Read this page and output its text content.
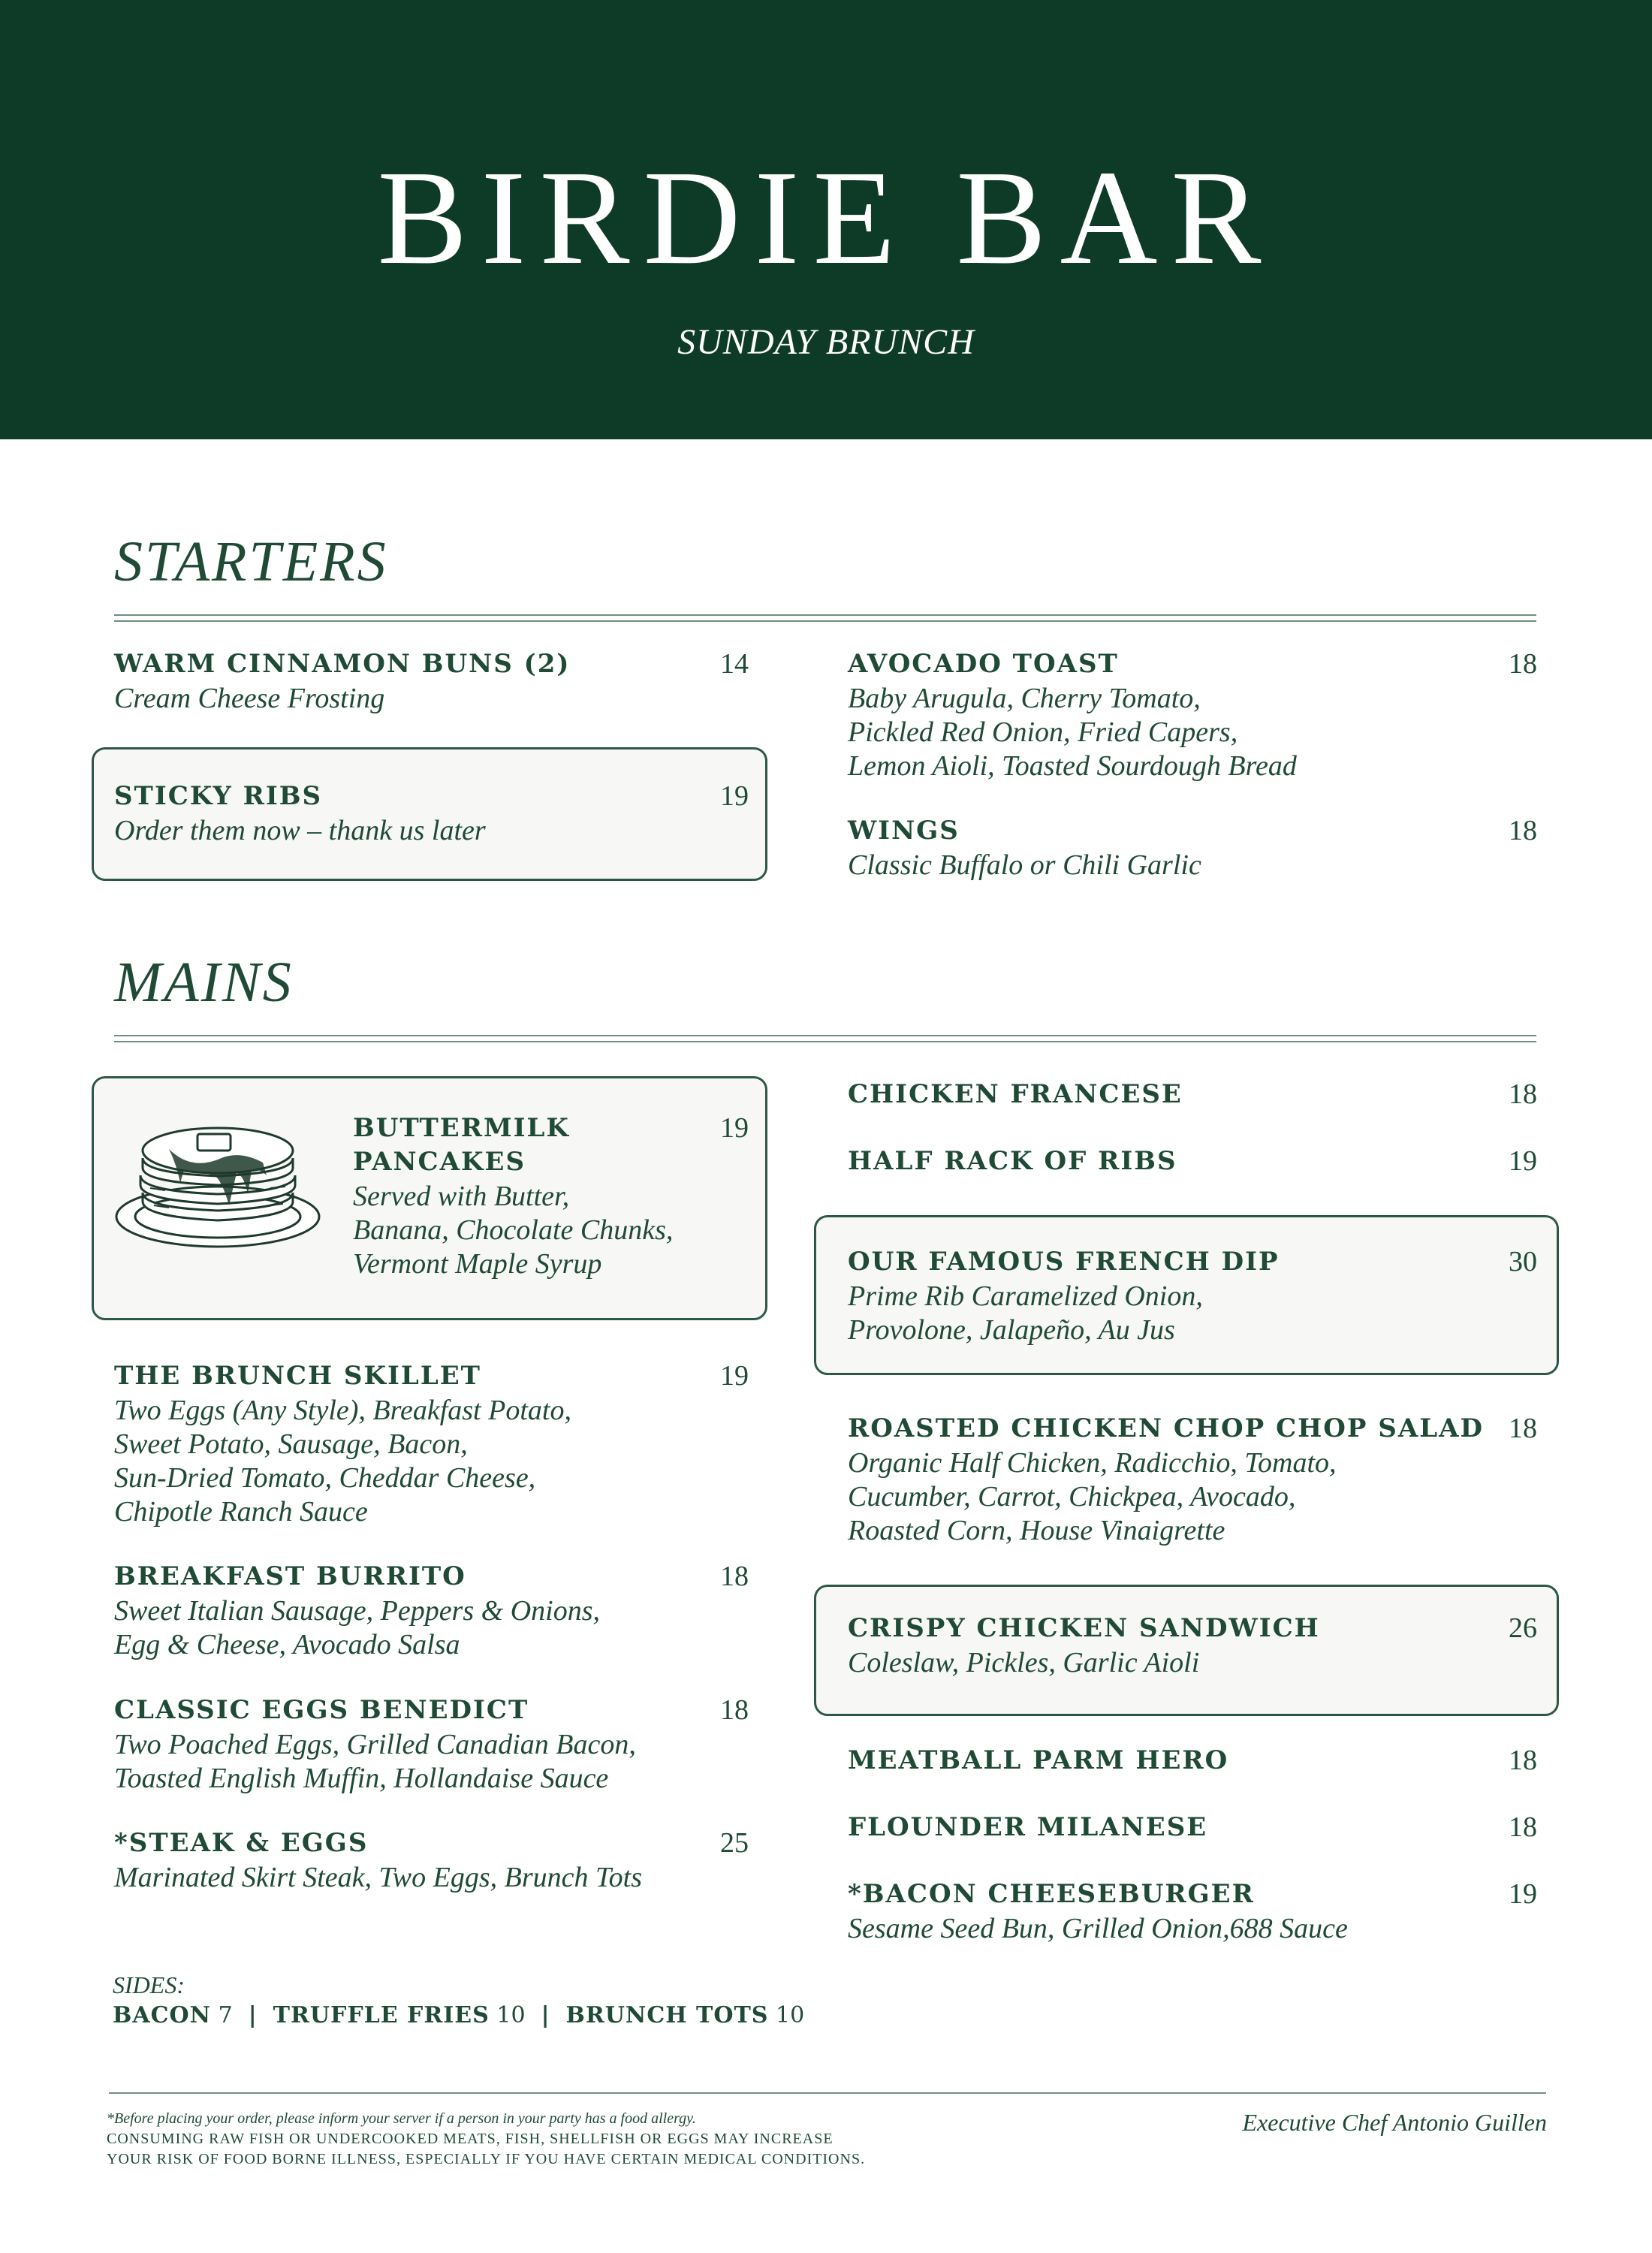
BIRDIE BAR
SUNDAY BRUNCH
STARTERS
WARM CINNAMON BUNS (2)	14
Cream Cheese Frosting
STICKY RIBS	19
Order them now – thank us later
AVOCADO TOAST	18
Baby Arugula, Cherry Tomato,
Pickled Red Onion, Fried Capers,
Lemon Aioli, Toasted Sourdough Bread
WINGS	18
Classic Buffalo or Chili Garlic
MAINS
BUTTERMILK
PANCAKES
19
Served with Butter,
Banana, Chocolate Chunks,
Vermont Maple Syrup
THE BRUNCH SKILLET	19
Two Eggs (Any Style), Breakfast Potato,
Sweet Potato, Sausage, Bacon,
Sun-Dried Tomato, Cheddar Cheese,
Chipotle Ranch Sauce
BREAKFAST BURRITO	18
Sweet Italian Sausage, Peppers & Onions,
Egg & Cheese, Avocado Salsa
CLASSIC EGGS BENEDICT	18
Two Poached Eggs, Grilled Canadian Bacon,
Toasted English Muffin, Hollandaise Sauce
*STEAK & EGGS	25
Marinated Skirt Steak, Two Eggs, Brunch Tots
CHICKEN FRANCESE	18
HALF RACK OF RIBS	19
OUR FAMOUS FRENCH DIP	30
Prime Rib Caramelized Onion,
Provolone, Jalapeño, Au Jus
ROASTED CHICKEN CHOP CHOP SALAD 18
Organic Half Chicken, Radicchio, Tomato,
Cucumber, Carrot, Chickpea, Avocado,
Roasted Corn, House Vinaigrette
CRISPY CHICKEN SANDWICH	26
Coleslaw, Pickles, Garlic Aioli
MEATBALL PARM HERO	18
FLOUNDER MILANESE	18
*BACON CHEESEBURGER	19
Sesame Seed Bun, Grilled Onion,688 Sauce
SIDES:
BACON 7  |  TRUFFLE FRIES 10  |  BRUNCH TOTS 10
*Before placing your order, please inform your server if a person in your party has a food allergy.
CONSUMING RAW FISH OR UNDERCOOKED MEATS, FISH, SHELLFISH OR EGGS MAY INCREASE
YOUR RISK OF FOOD BORNE ILLNESS, ESPECIALLY IF YOU HAVE CERTAIN MEDICAL CONDITIONS.
Executive Chef Antonio Guillen
